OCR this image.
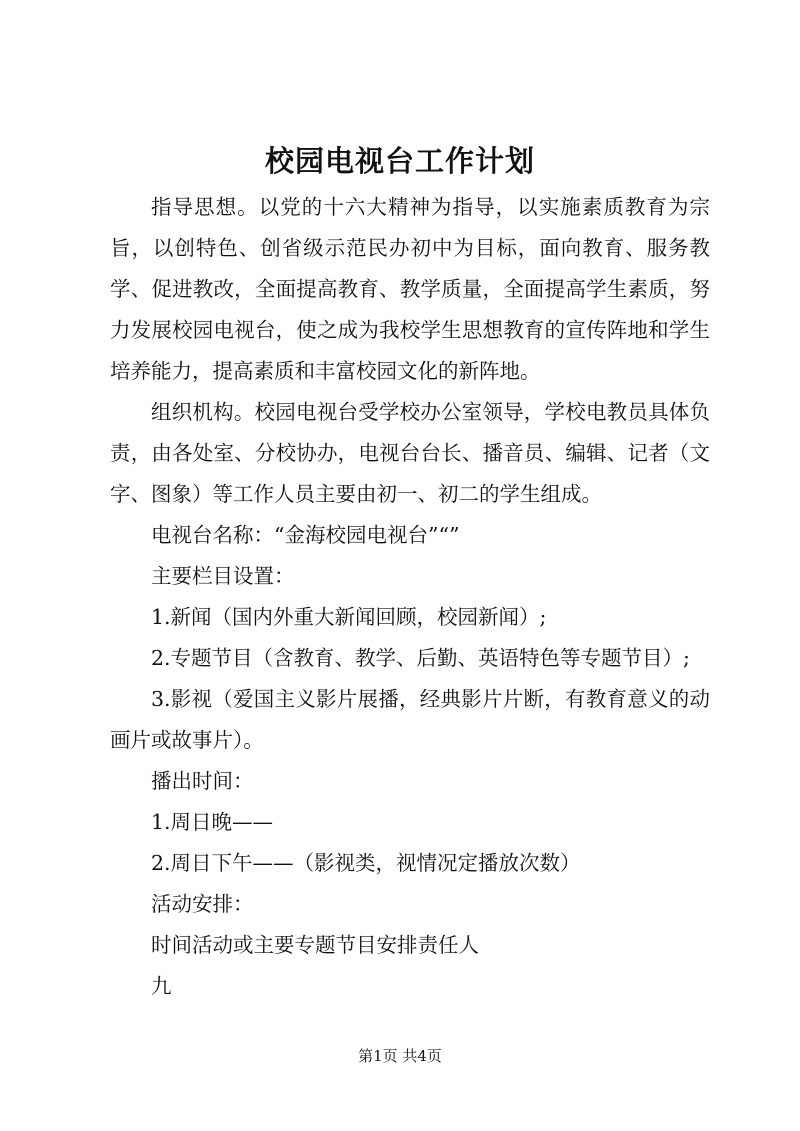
校园电视台工作计划

指导思想。以党的十六大精神为指导，以实施素质教育为宗旨，以创特色、创省级示范民办初中为目标，面向教育、服务教学、促进教改，全面提高教育、教学质量，全面提高学生素质，努力发展校园电视台，使之成为我校学生思想教育的宣传阵地和学生培养能力，提高素质和丰富校园文化的新阵地。

组织机构。校园电视台受学校办公室领导，学校电教员具体负责，由各处室、分校协办，电视台台长、播音员、编辑、记者（文字、图象）等工作人员主要由初一、初二的学生组成。

电视台名称：“金海校园电视台”“”

主要栏目设置：

1.新闻（国内外重大新闻回顾，校园新闻）;

2.专题节目（含教育、教学、后勤、英语特色等专题节目）;

3.影视（爱国主义影片展播，经典影片片断，有教育意义的动画片或故事片）。

播出时间：

1.周日晚——

2.周日下午——（影视类，视情况定播放次数）

活动安排：

时间活动或主要专题节目安排责任人

九

第1页 共4页
